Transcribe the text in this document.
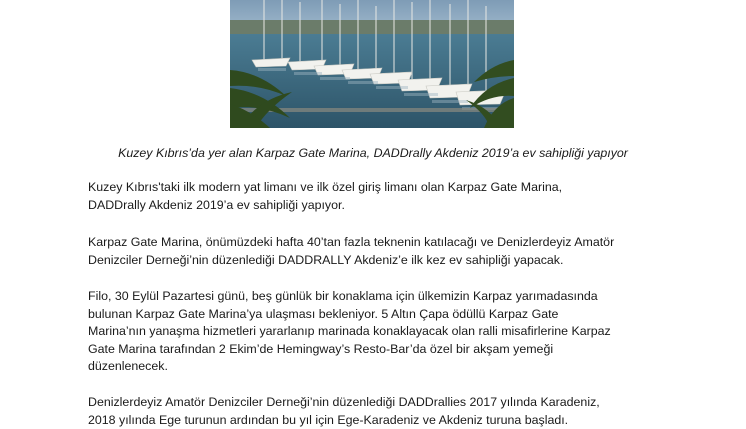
Kuzey Kıbrıs’da yer alan Karpaz Gate Marina, DADDrally Akdeniz 2019’a ev sahipliği yapıyor

Kuzey Kıbrıs'taki ilk modern yat limanı ve ilk özel giriş limanı olan Karpaz Gate Marina,
DADDrally Akdeniz 2019’a ev sahipliği yapıyor.

Karpaz Gate Marina, önümüzdeki hafta 40’tan fazla teknenin katılacağı ve Denizlerdeyiz Amatör
Denizciler Derneği’nin düzenlediği DADDRALLY Akdeniz’e ilk kez ev sahipliği yapacak.

Filo, 30 Eylül Pazartesi günü, beş günlük bir konaklama için ülkemizin Karpaz yarımadasında
bulunan Karpaz Gate Marina’ya ulaşması bekleniyor. 5 Altın Çapa ödüllü Karpaz Gate
Marina’nın yanaşma hizmetleri yararlanıp marinada konaklayacak olan ralli misafirlerine Karpaz
Gate Marina tarafından 2 Ekim’de Hemingway’s Resto-Bar’da özel bir akşam yemeği
düzenlenecek.

Denizlerdeyiz Amatör Denizciler Derneği’nin düzenlediği DADDrallies 2017 yılında Karadeniz,
2018 yılında Ege turunun ardından bu yıl için Ege-Karadeniz ve Akdeniz turuna başladı.
